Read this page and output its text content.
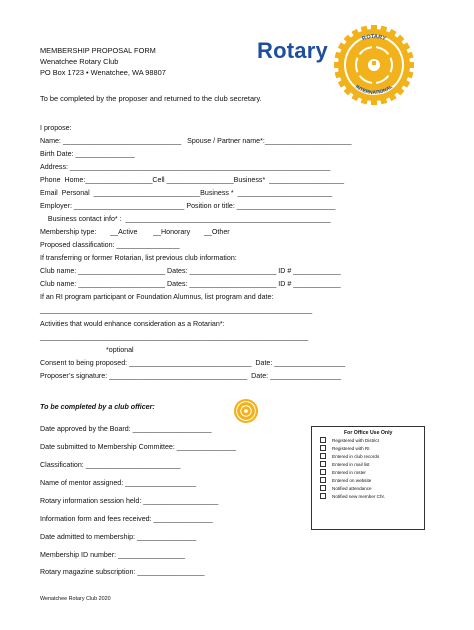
MEMBERSHIP PROPOSAL FORM
Wenatchee Rotary Club
PO Box 1723 • Wenatchee, WA 98807
Rotary	ROTARY
INTERNATIONAL
To be completed by the proposer and returned to the club secretary.
I propose:
Name: ______________________________   Spouse / Partner name*:______________________
Birth Date: _______________
Address: __________________________________________________________________
Phone  Home:_________________Cell _________________Business*  ___________________
Email  Personal  ___________________________Business *  ________________________
Employer: ____________________________ Position or title: _________________________
Business contact info* :  ____________________________________________________
Membership type:       __Active        __Honorary       __Other
Proposed classification: ________________
If transferring or former Rotarian, list previous club information:
Club name: ______________________ Dates: ______________________ ID # ____________
Club name: ______________________ Dates: ______________________ ID # ____________
If an RI program participant or Foundation Alumnus, list program and date:
_____________________________________________________________________
Activities that would enhance consideration as a Rotarian*:
____________________________________________________________________
*optional
Consent to being proposed: _______________________________  Date: __________________
Proposer’s signature: ___________________________________  Date: __________________
To be completed by a club officer:
Date approved by the Board: ____________________
Date submitted to Membership Committee: _______________
Classification: ________________________
Name of mentor assigned: __________________
Rotary information session held: ___________________
Information form and fees received: _______________
Date admitted to membership: _______________
Membership ID number: _________________
Rotary magazine subscription: _________________
For Office Use Only
Registered with District
Registered with RI
Entered in club records
Entered in mail list
Entered in roster
Entered on website
Notified attendance
Notified new member Chr.
Wenatchee Rotary Club 2020
